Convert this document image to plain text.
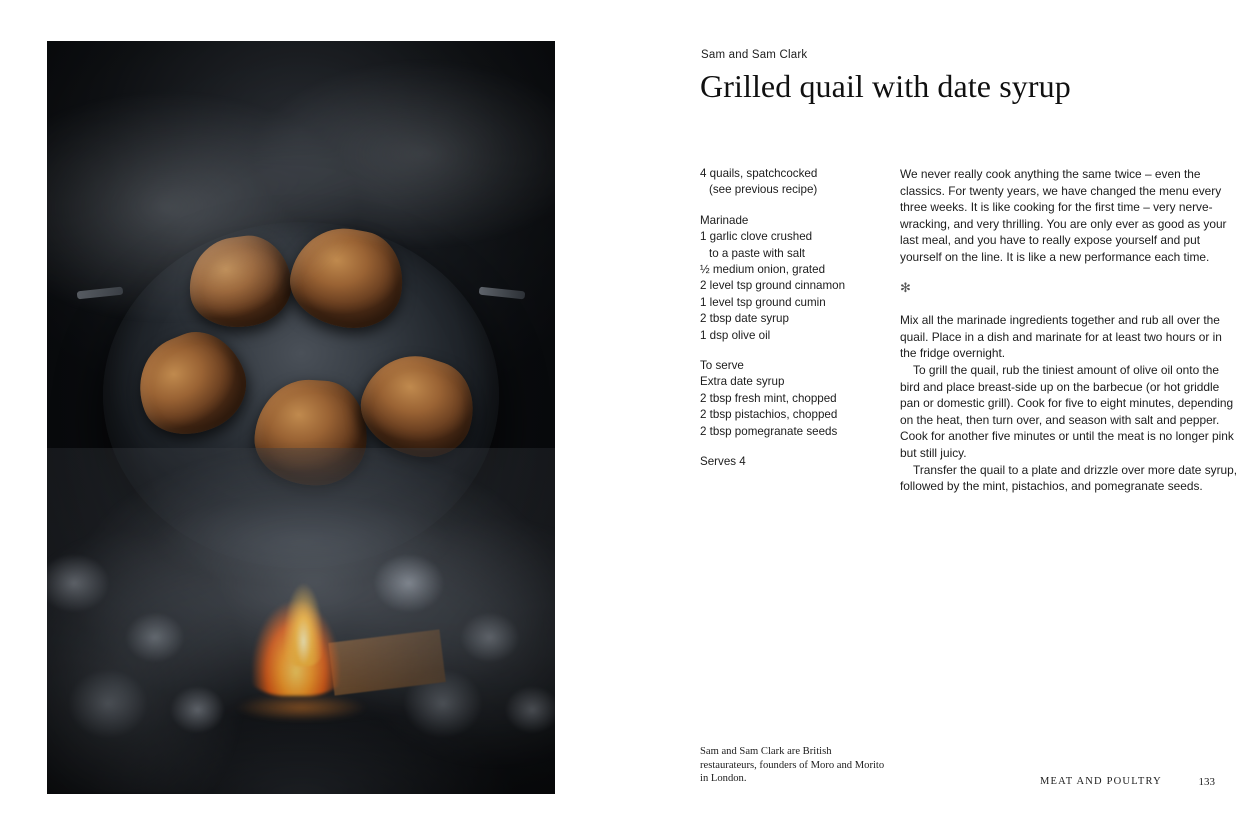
Sam and Sam Clark
Grilled quail with date syrup
4 quails, spatchcocked
(see previous recipe)
Marinade
1 garlic clove crushed
to a paste with salt
½ medium onion, grated
2 level tsp ground cinnamon
1 level tsp ground cumin
2 tbsp date syrup
1 dsp olive oil
To serve
Extra date syrup
2 tbsp fresh mint, chopped
2 tbsp pistachios, chopped
2 tbsp pomegranate seeds
Serves 4

We never really cook anything the same twice – even the classics. For twenty years, we have changed the menu every three weeks. It is like cooking for the first time – very nerve-wracking, and very thrilling. You are only ever as good as your last meal, and you have to really expose yourself and put yourself on the line. It is like a new performance each time.

✻

Mix all the marinade ingredients together and rub all over the quail. Place in a dish and marinate for at least two hours or in the fridge overnight.

To grill the quail, rub the tiniest amount of olive oil onto the bird and place breast-side up on the barbecue (or hot griddle pan or domestic grill). Cook for five to eight minutes, depending on the heat, then turn over, and season with salt and pepper. Cook for another five minutes or until the meat is no longer pink but still juicy.

Transfer the quail to a plate and drizzle over more date syrup, followed by the mint, pistachios, and pomegranate seeds.

Sam and Sam Clark are British restaurateurs, founders of Moro and Morito in London.	MEAT AND POULTRY	133
